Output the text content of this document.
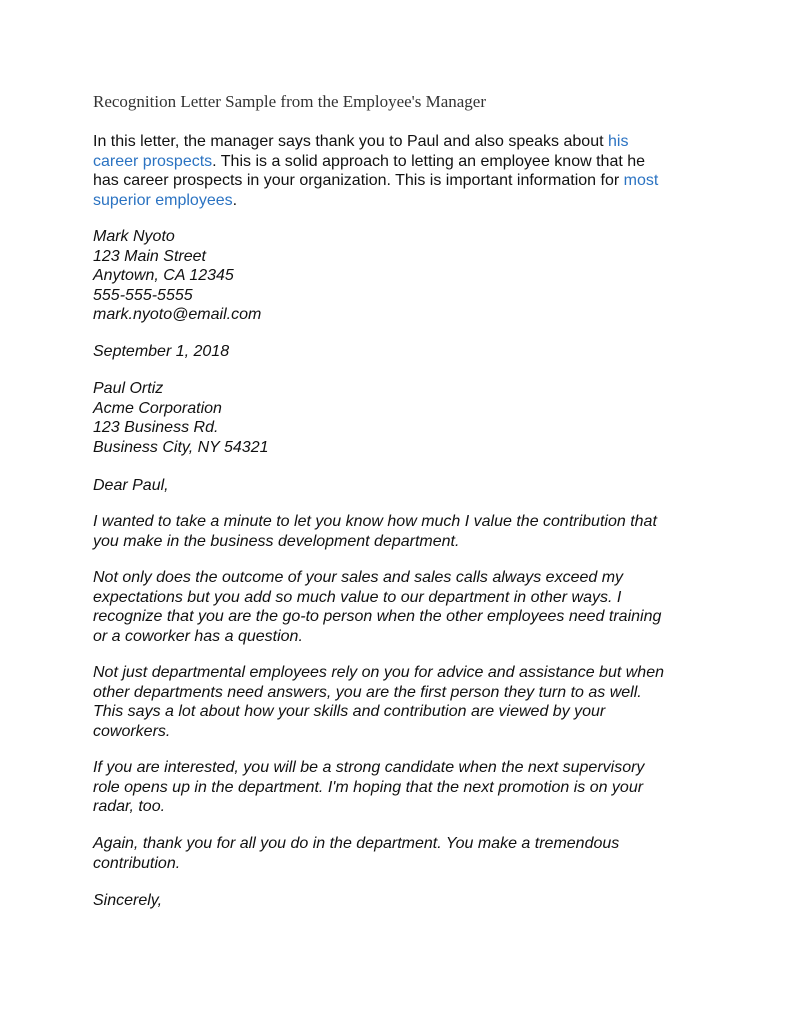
Recognition Letter Sample from the Employee's Manager
In this letter, the manager says thank you to Paul and also speaks about his
career prospects. This is a solid approach to letting an employee know that he
has career prospects in your organization. This is important information for most
superior employees.
Mark Nyoto
123 Main Street
Anytown, CA 12345
555-555-5555
mark.nyoto@email.com
September 1, 2018
Paul Ortiz
Acme Corporation
123 Business Rd.
Business City, NY 54321
Dear Paul,
I wanted to take a minute to let you know how much I value the contribution that
you make in the business development department.
Not only does the outcome of your sales and sales calls always exceed my
expectations but you add so much value to our department in other ways. I
recognize that you are the go-to person when the other employees need training
or a coworker has a question.
Not just departmental employees rely on you for advice and assistance but when
other departments need answers, you are the first person they turn to as well.
This says a lot about how your skills and contribution are viewed by your
coworkers.
If you are interested, you will be a strong candidate when the next supervisory
role opens up in the department. I'm hoping that the next promotion is on your
radar, too.
Again, thank you for all you do in the department. You make a tremendous
contribution.
Sincerely,
